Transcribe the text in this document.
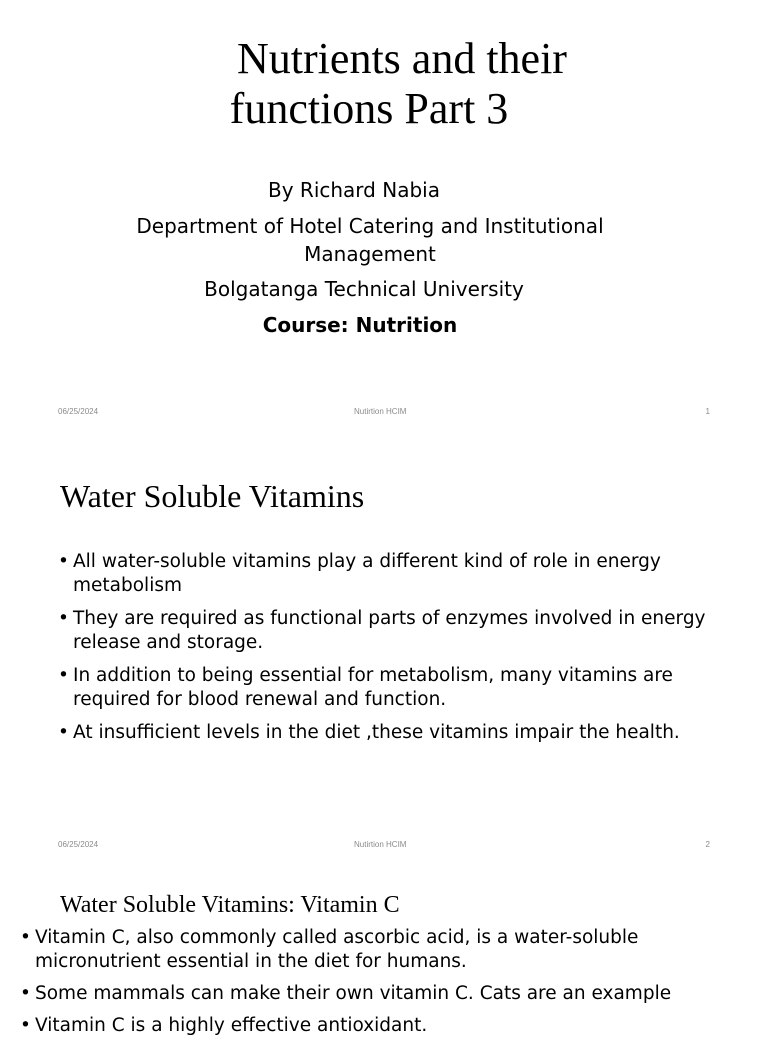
Nutrients and their
functions Part 3
By Richard Nabia
Department of Hotel Catering and Institutional Management
Bolgatanga Technical University
Course: Nutrition
06/25/2024	Nutirtion HCIM	1
Water Soluble Vitamins
• All water-soluble vitamins play a different kind of role in energy metabolism
• They are required as functional parts of enzymes involved in energy release and storage.
• In addition to being essential for metabolism, many vitamins are required for blood renewal and function.
• At insufficient levels in the diet ,these vitamins impair the health.
06/25/2024	Nutirtion HCIM	2
Water Soluble Vitamins: Vitamin C
• Vitamin C, also commonly called ascorbic acid, is a water-soluble micronutrient essential in the diet for humans.
• Some mammals can make their own vitamin C. Cats are an example
• Vitamin C is a highly effective antioxidant.
